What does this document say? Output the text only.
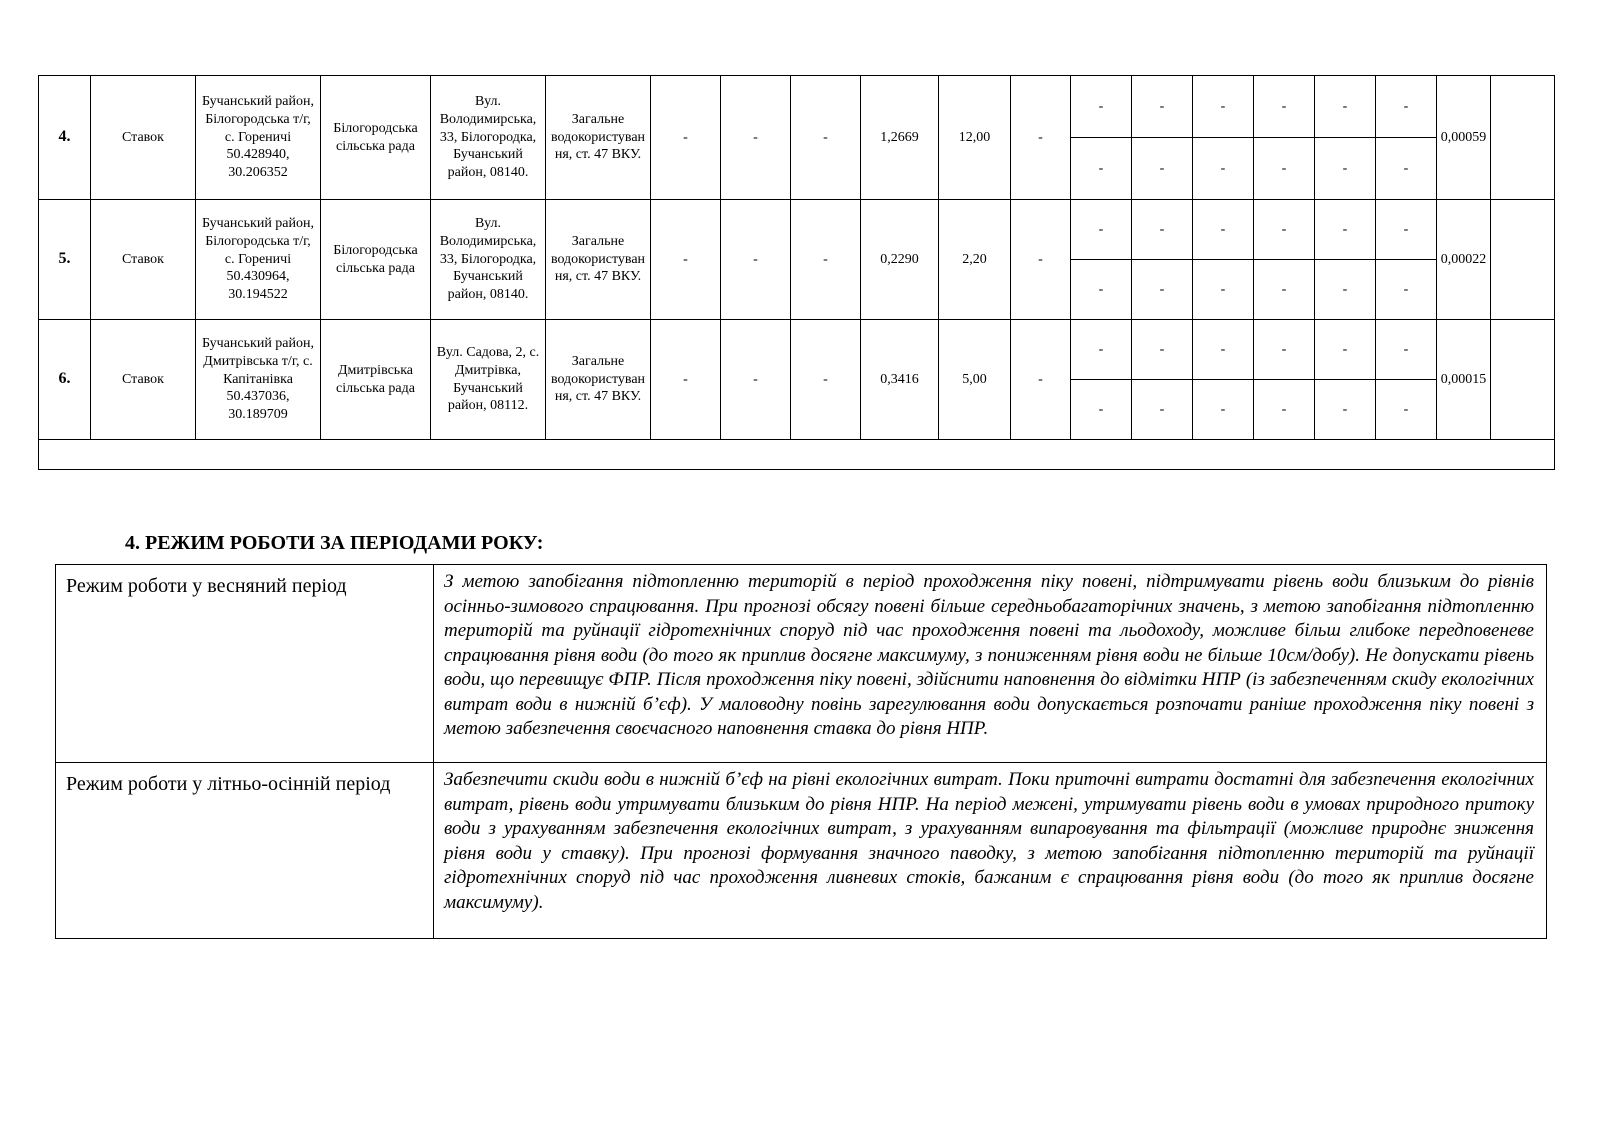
4.	Ставок	Бучанський район, Білогородська т/г, с. Гореничі 50.428940, 30.206352	Білогородська сільська рада	Вул. Володимирська, 33, Білогородка, Бучанський район, 08140.	Загальне водокористування, ст. 47 ВКУ.	-	-	-	1,2669	12,00	-	-	-	-	-	-	-	0,00059	
												-	-	-	-	-	-		
5.	Ставок	Бучанський район, Білогородська т/г, с. Гореничі 50.430964, 30.194522	Білогородська сільська рада	Вул. Володимирська, 33, Білогородка, Бучанський район, 08140.	Загальне водокористування, ст. 47 ВКУ.	-	-	-	0,2290	2,20	-	-	-	-	-	-	-	0,00022	
												-	-	-	-	-	-		
6.	Ставок	Бучанський район, Дмитрівська т/г, с. Капітанівка 50.437036, 30.189709	Дмитрівська сільська рада	Вул. Садова, 2, с. Дмитрівка, Бучанський район, 08112.	Загальне водокористування, ст. 47 ВКУ.	-	-	-	0,3416	5,00	-	-	-	-	-	-	-	0,00015	
												-	-	-	-	-	-		

4. РЕЖИМ РОБОТИ ЗА ПЕРІОДАМИ РОКУ:
Режим роботи у весняний період	З метою запобігання підтопленню територій в період проходження піку повені, підтримувати рівень води близьким до рівнів осінньо-зимового спрацювання. При прогнозі обсягу повені більше середньобагаторічних значень, з метою запобігання підтопленню територій та руйнації гідротехнічних споруд під час проходження повені та льодоходу, можливе більш глибоке передповеневе спрацювання рівня води (до того як приплив досягне максимуму, з пониженням рівня води не більше 10см/добу). Не допускати рівень води, що перевищує ФПР. Після проходження піку повені, здійснити наповнення до відмітки НПР (із забезпеченням скиду екологічних витрат води в нижній б’єф). У маловодну повінь зарегулювання води допускається розпочати раніше проходження піку повені з метою забезпечення своєчасного наповнення ставка до рівня НПР.
Режим роботи у літньо-осінній період	Забезпечити скиди води в нижній б’єф на рівні екологічних витрат. Поки приточні витрати достатні для забезпечення екологічних витрат, рівень води утримувати близьким до рівня НПР. На період межені, утримувати рівень води в умовах природного притоку води з урахуванням забезпечення екологічних витрат, з урахуванням випаровування та фільтрації (можливе природнє зниження рівня води у ставку). При прогнозі формування значного паводку, з метою запобігання підтопленню територій та руйнації гідротехнічних споруд під час проходження ливневих стоків, бажаним є спрацювання рівня води (до того як приплив досягне максимуму).
